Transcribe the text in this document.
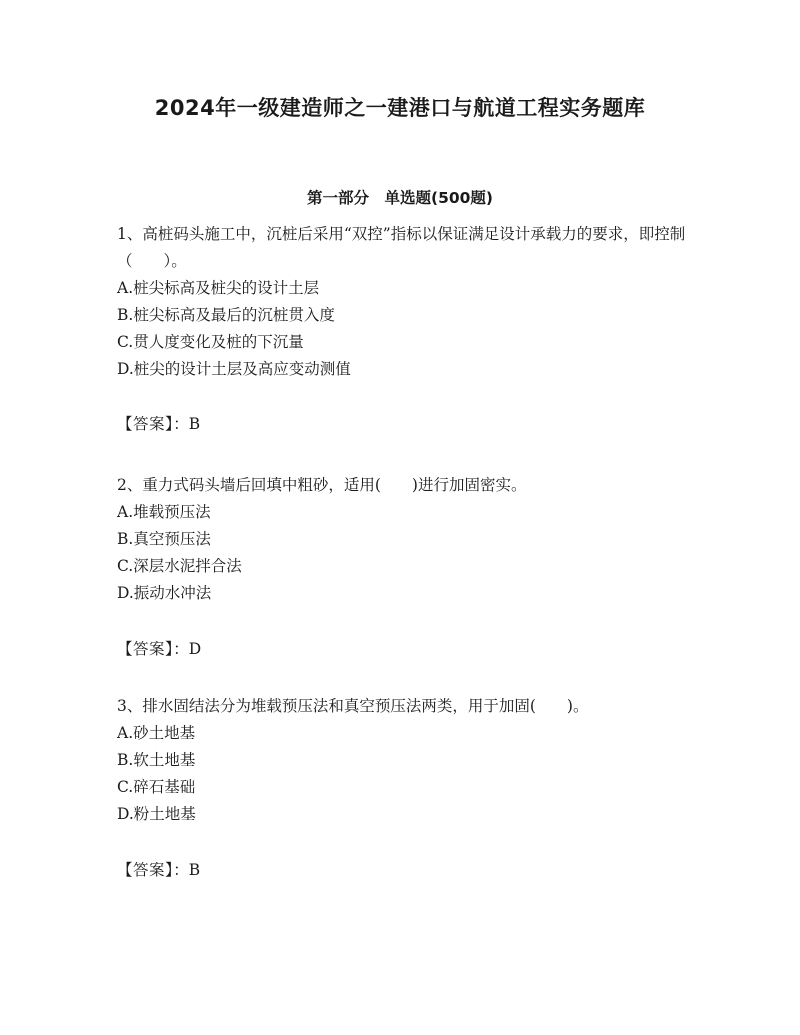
2024年一级建造师之一建港口与航道工程实务题库
第一部分　单选题(500题)

1、高桩码头施工中，沉桩后采用“双控”指标以保证满足设计承载力的要求，即控制（　　）。

A.桩尖标高及桩尖的设计土层

B.桩尖标高及最后的沉桩贯入度

C.贯人度变化及桩的下沉量

D.桩尖的设计土层及高应变动测值

【答案】：B

2、重力式码头墙后回填中粗砂，适用(　　)进行加固密实。

A.堆载预压法

B.真空预压法

C.深层水泥拌合法

D.振动水冲法

【答案】：D

3、排水固结法分为堆载预压法和真空预压法两类，用于加固(　　)。

A.砂土地基

B.软土地基

C.碎石基础

D.粉土地基

【答案】：B
